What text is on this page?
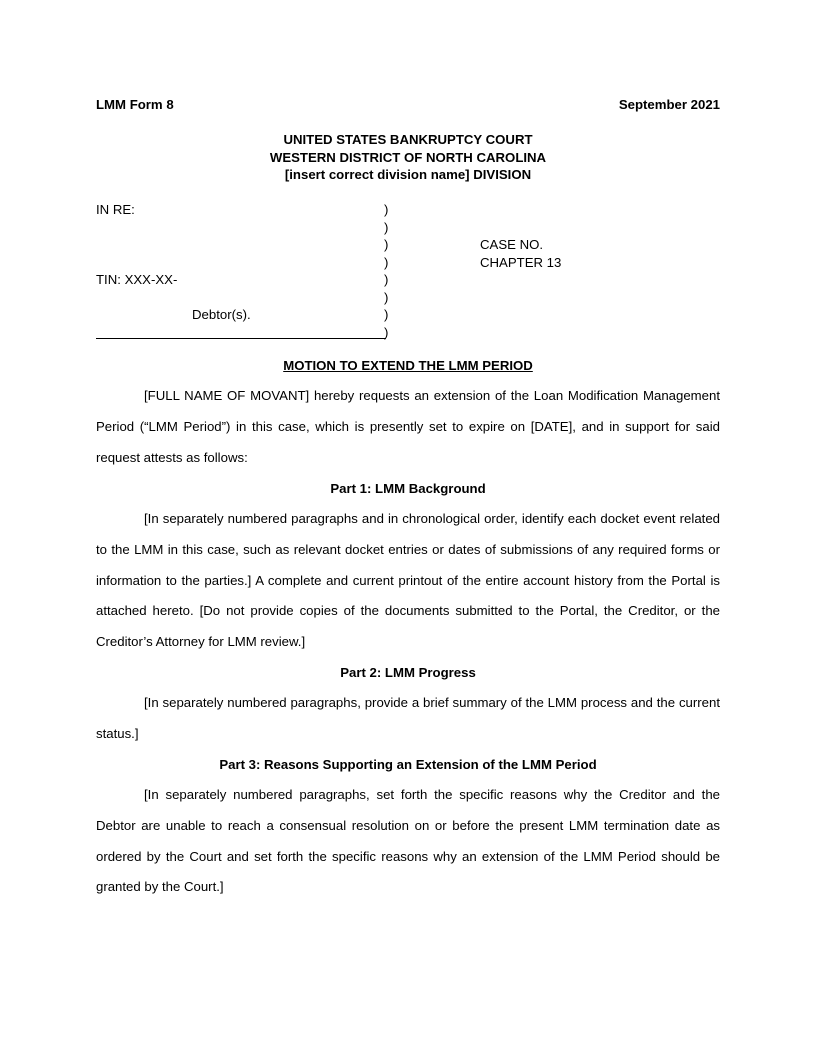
LMM Form 8	September 2021
UNITED STATES BANKRUPTCY COURT
WESTERN DISTRICT OF NORTH CAROLINA
[insert correct division name] DIVISION
IN RE:
TIN: XXX-XX-
Debtor(s).
)
)
)
)
)
)
)
)
CASE NO.
CHAPTER 13
MOTION TO EXTEND THE LMM PERIOD

[FULL NAME OF MOVANT] hereby requests an extension of the Loan Modification Management Period (“LMM Period”) in this case, which is presently set to expire on [DATE], and in support for said request attests as follows:

Part 1: LMM Background

[In separately numbered paragraphs and in chronological order, identify each docket event related to the LMM in this case, such as relevant docket entries or dates of submissions of any required forms or information to the parties.] A complete and current printout of the entire account history from the Portal is attached hereto. [Do not provide copies of the documents submitted to the Portal, the Creditor, or the Creditor’s Attorney for LMM review.]

Part 2: LMM Progress

[In separately numbered paragraphs, provide a brief summary of the LMM process and the current status.]

Part 3: Reasons Supporting an Extension of the LMM Period

[In separately numbered paragraphs, set forth the specific reasons why the Creditor and the Debtor are unable to reach a consensual resolution on or before the present LMM termination date as ordered by the Court and set forth the specific reasons why an extension of the LMM Period should be granted by the Court.]
